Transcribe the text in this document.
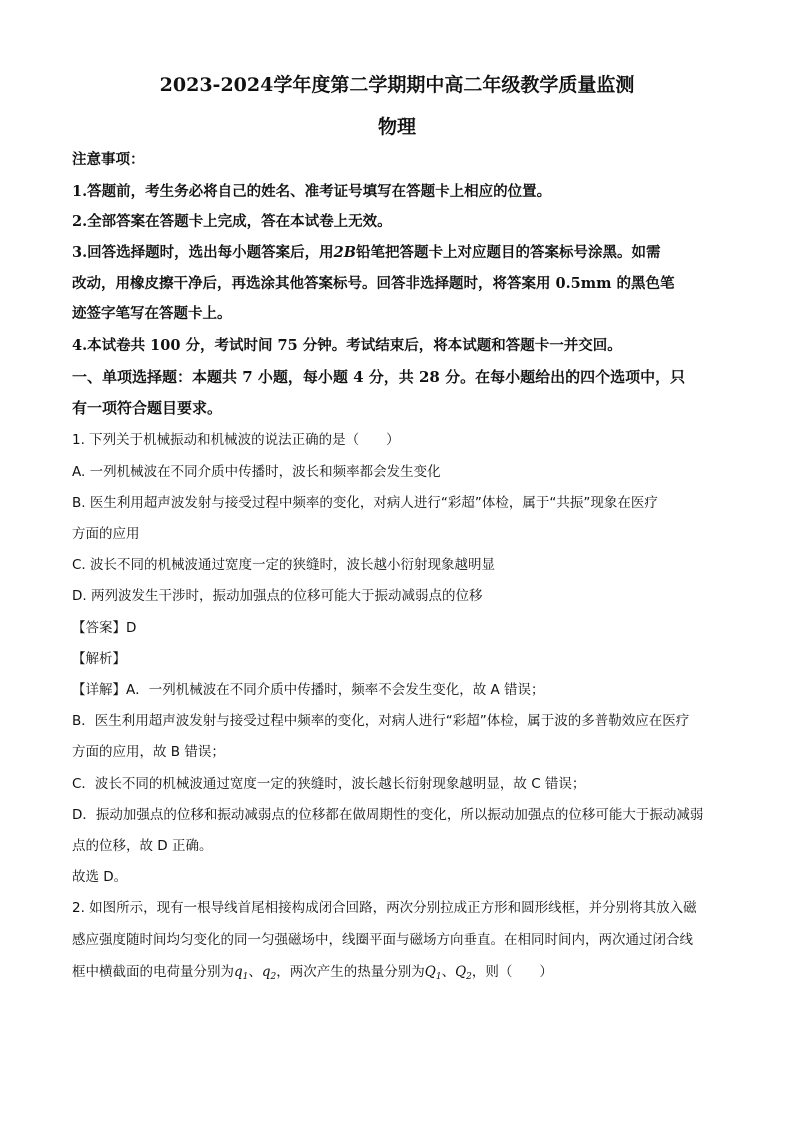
2023-2024学年度第二学期期中高二年级教学质量监测
物理
注意事项：
1.答题前，考生务必将自己的姓名、准考证号填写在答题卡上相应的位置。
2.全部答案在答题卡上完成，答在本试卷上无效。
3.回答选择题时，选出每小题答案后，用2B铅笔把答题卡上对应题目的答案标号涂黑。如需
改动，用橡皮擦干净后，再选涂其他答案标号。回答非选择题时，将答案用 0.5mm 的黑色笔
迹签字笔写在答题卡上。
4.本试卷共 100 分，考试时间 75 分钟。考试结束后，将本试题和答题卡一并交回。
一、单项选择题：本题共 7 小题，每小题 4 分，共 28 分。在每小题给出的四个选项中，只
有一项符合题目要求。
1. 下列关于机械振动和机械波的说法正确的是（　　）
A. 一列机械波在不同介质中传播时，波长和频率都会发生变化
B. 医生利用超声波发射与接受过程中频率的变化，对病人进行“彩超”体检，属于“共振”现象在医疗
方面的应用
C. 波长不同的机械波通过宽度一定的狭缝时，波长越小衍射现象越明显
D. 两列波发生干涉时，振动加强点的位移可能大于振动减弱点的位移
【答案】D
【解析】
【详解】A．一列机械波在不同介质中传播时，频率不会发生变化，故 A 错误；
B．医生利用超声波发射与接受过程中频率的变化，对病人进行“彩超”体检，属于波的多普勒效应在医疗
方面的应用，故 B 错误；
C．波长不同的机械波通过宽度一定的狭缝时，波长越长衍射现象越明显，故 C 错误；
D．振动加强点的位移和振动减弱点的位移都在做周期性的变化，所以振动加强点的位移可能大于振动减弱
点的位移，故 D 正确。
故选 D。
2. 如图所示，现有一根导线首尾相接构成闭合回路，两次分别拉成正方形和圆形线框，并分别将其放入磁
感应强度随时间均匀变化的同一匀强磁场中，线圈平面与磁场方向垂直。在相同时间内，两次通过闭合线
框中横截面的电荷量分别为$q_1$、$q_2$，两次产生的热量分别为$Q_1$、$Q_2$，则（　　）
